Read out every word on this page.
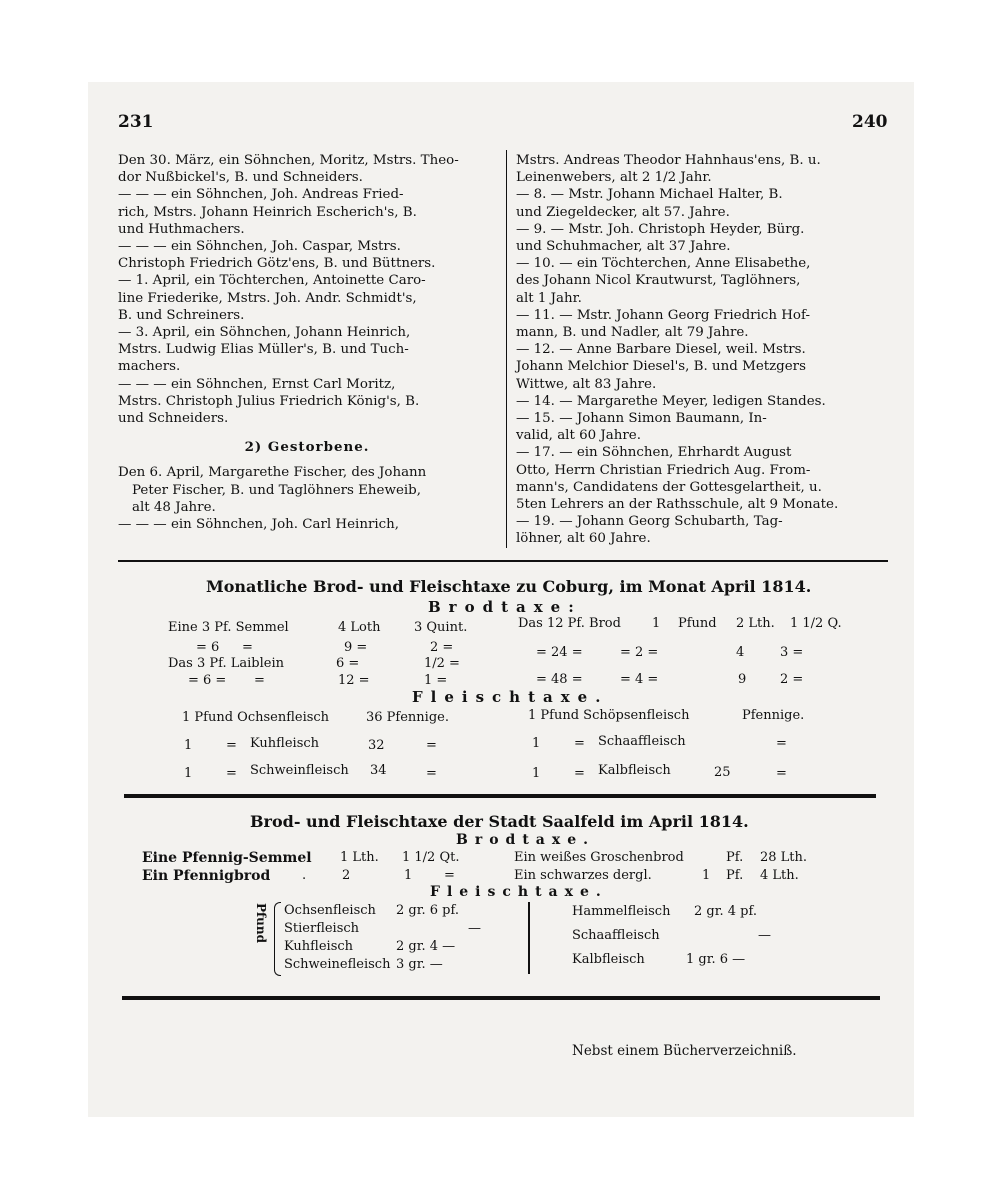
231	240

Den 30. März, ein Söhnchen, Moritz, Mstrs. Theo-

dor Nußbickel's, B. und Schneiders.

— — — ein Söhnchen, Joh. Andreas Fried-

rich, Mstrs. Johann Heinrich Escherich's, B.

und Huthmachers.

— — — ein Söhnchen, Joh. Caspar, Mstrs.

Christoph Friedrich Götz'ens, B. und Büttners.

— 1. April, ein Töchterchen, Antoinette Caro-

line Friederike, Mstrs. Joh. Andr. Schmidt's,

B. und Schreiners.

— 3. April, ein Söhnchen, Johann Heinrich,

Mstrs. Ludwig Elias Müller's, B. und Tuch-

machers.

— — — ein Söhnchen, Ernst Carl Moritz,

Mstrs. Christoph Julius Friedrich König's, B.

und Schneiders.

2) Gestorbene.

Den 6. April, Margarethe Fischer, des Johann

Peter Fischer, B. und Taglöhners Eheweib,

alt 48 Jahre.

— — — ein Söhnchen, Joh. Carl Heinrich,

Mstrs. Andreas Theodor Hahnhaus'ens, B. u.

Leinenwebers, alt 2 1/2 Jahr.

— 8. — Mstr. Johann Michael Halter, B.

und Ziegeldecker, alt 57. Jahre.

— 9. — Mstr. Joh. Christoph Heyder, Bürg.

und Schuhmacher, alt 37 Jahre.

— 10. — ein Töchterchen, Anne Elisabethe,

des Johann Nicol Krautwurst, Taglöhners,

alt 1 Jahr.

— 11. — Mstr. Johann Georg Friedrich Hof-

mann, B. und Nadler, alt 79 Jahre.

— 12. — Anne Barbare Diesel, weil. Mstrs.

Johann Melchior Diesel's, B. und Metzgers

Wittwe, alt 83 Jahre.

— 14. — Margarethe Meyer, ledigen Standes.

— 15. — Johann Simon Baumann, In-

valid, alt 60 Jahre.

— 17. — ein Söhnchen, Ehrhardt August

Otto, Herrn Christian Friedrich Aug. From-

mann's, Candidatens der Gottesgelartheit, u.

5ten Lehrers an der Rathsschule, alt 9 Monate.

— 19. — Johann Georg Schubarth, Tag-

löhner, alt 60 Jahre.

Monatliche Brod- und Fleischtaxe zu Coburg, im Monat April 1814.
Brodtaxe:
Eine 3 Pf. Semmel	4 Loth	3 Quint.	Das 12 Pf. Brod 1 Pfund 2 Lth. 1 1/2 Q.
= 6 =	9 =	2 =	= 24 =	= 2 =	4	3 =
Das 3 Pf. Laiblein	6 =	1/2 =
= 6 = =	12 =	1 =	= 48 =	= 4 =	9	2 =
Fleischtaxe.
1 Pfund Ochsenfleisch	36 Pfennige.	1 Pfund Schöpsenfleisch	Pfennige.
1	= Kuhfleisch	32	=	1	= Schaaffleisch	=
1	= Schweinfleisch 34	=	1	= Kalbfleisch	25	=
Brod- und Fleischtaxe der Stadt Saalfeld im April 1814.
Brodtaxe.
Eine Pfennig-Semmel 1 Lth. 1 1/2 Qt.	Ein weißes Groschenbrod	Pf. 28 Lth.
Ein Pfennigbrod .	2	1 =	Ein schwarzes dergl.	1 Pf. 4 Lth.
Fleischtaxe.
Pfund Ochsenfleisch 2 gr. 6 pf.
Stierfleisch	—
Kuhfleisch	2 gr. 4 —
Schweinefleisch 3 gr. —
Hammelfleisch 2 gr. 4 pf.
Schaaffleisch	—
Kalbfleisch	1 gr. 6 —
Nebst einem Bücherverzeichniß.
